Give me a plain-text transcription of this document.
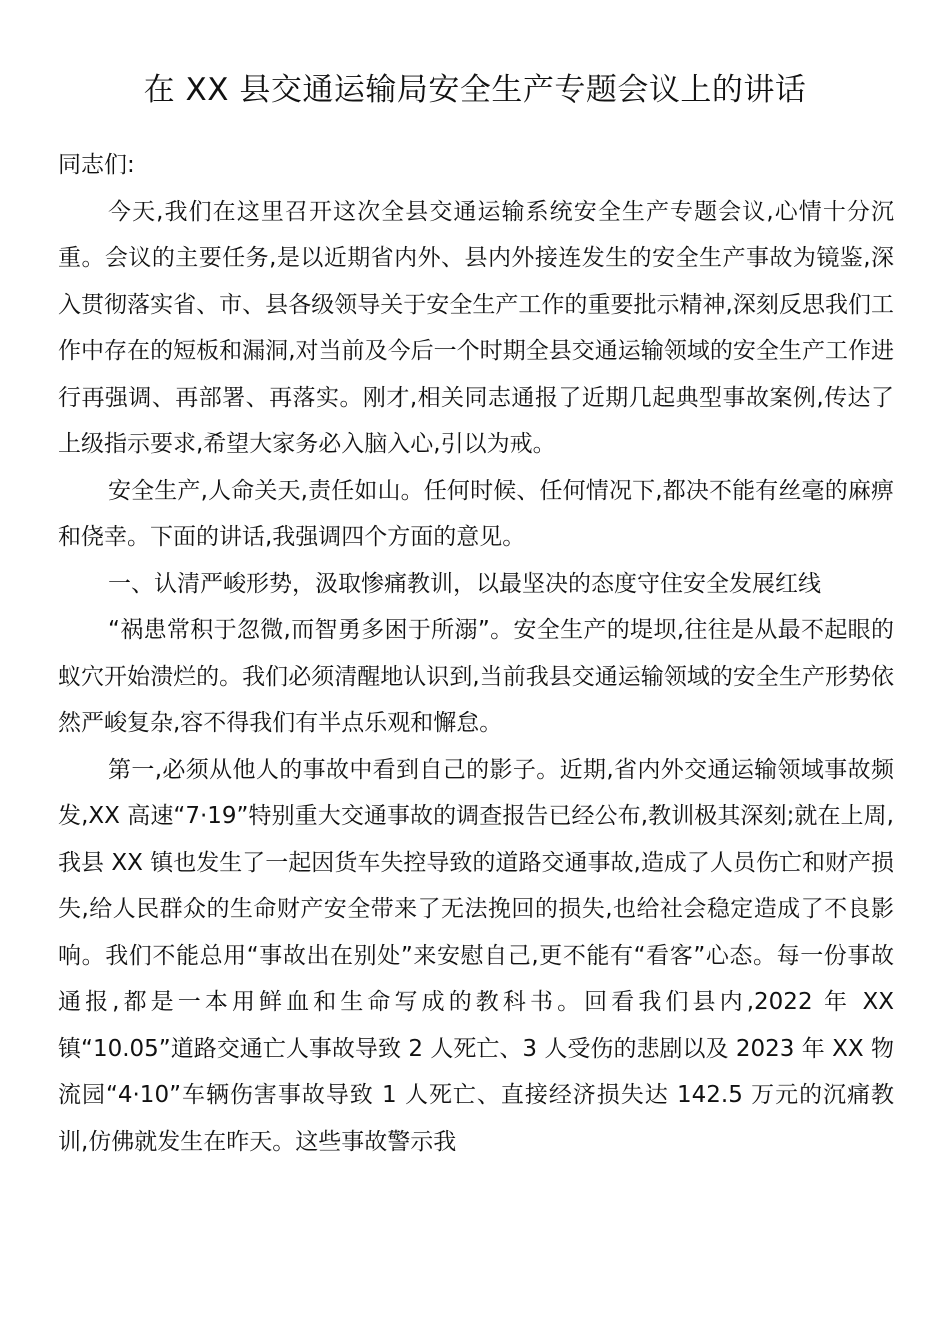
在 XX 县交通运输局安全生产专题会议上的讲话

同志们:

今天,我们在这里召开这次全县交通运输系统安全生产专题会议,心情十分沉重。会议的主要任务,是以近期省内外、县内外接连发生的安全生产事故为镜鉴,深入贯彻落实省、市、县各级领导关于安全生产工作的重要批示精神,深刻反思我们工作中存在的短板和漏洞,对当前及今后一个时期全县交通运输领域的安全生产工作进行再强调、再部署、再落实。刚才,相关同志通报了近期几起典型事故案例,传达了上级指示要求,希望大家务必入脑入心,引以为戒。

安全生产,人命关天,责任如山。任何时候、任何情况下,都决不能有丝毫的麻痹和侥幸。下面的讲话,我强调四个方面的意见。

一、认清严峻形势，汲取惨痛教训，以最坚决的态度守住安全发展红线

“祸患常积于忽微,而智勇多困于所溺”。安全生产的堤坝,往往是从最不起眼的蚁穴开始溃烂的。我们必须清醒地认识到,当前我县交通运输领域的安全生产形势依然严峻复杂,容不得我们有半点乐观和懈怠。

第一,必须从他人的事故中看到自己的影子。近期,省内外交通运输领域事故频发,XX 高速“7·19”特别重大交通事故的调查报告已经公布,教训极其深刻;就在上周,我县 XX 镇也发生了一起因货车失控导致的道路交通事故,造成了人员伤亡和财产损失,给人民群众的生命财产安全带来了无法挽回的损失,也给社会稳定造成了不良影响。我们不能总用“事故出在别处”来安慰自己,更不能有“看客”心态。每一份事故通报,都是一本用鲜血和生命写成的教科书。回看我们县内,2022 年 XX 镇“10.05”道路交通亡人事故导致 2 人死亡、3 人受伤的悲剧以及 2023 年 XX 物流园“4·10”车辆伤害事故导致 1 人死亡、直接经济损失达 142.5 万元的沉痛教训,仿佛就发生在昨天。这些事故警示我
